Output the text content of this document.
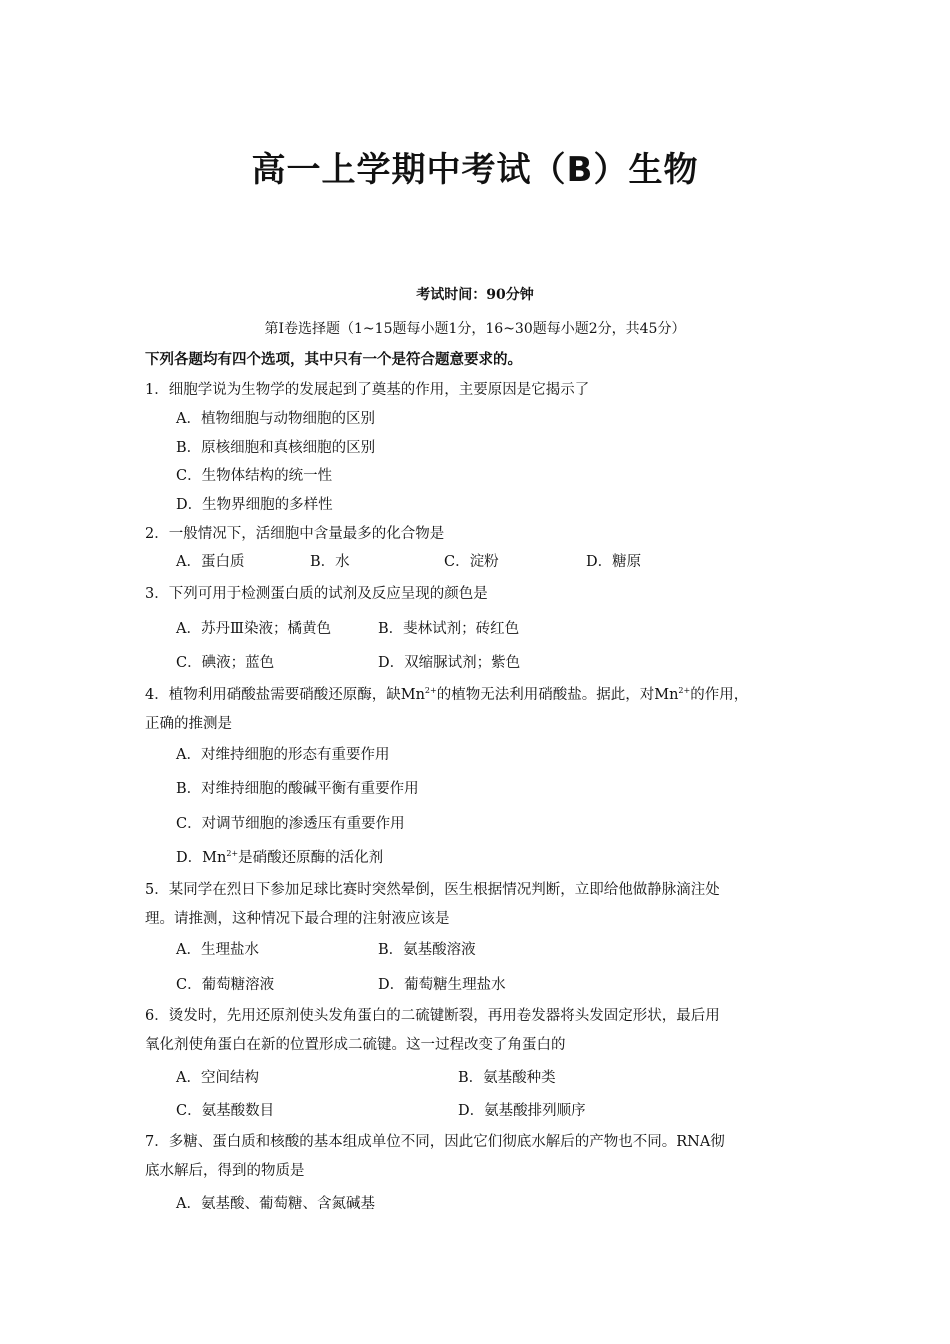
高一上学期中考试（B）生物
考试时间：90分钟
第Ⅰ卷选择题（1~15题每小题1分，16~30题每小题2分，共45分）
下列各题均有四个选项，其中只有一个是符合题意要求的。
1．细胞学说为生物学的发展起到了奠基的作用，主要原因是它揭示了
A．植物细胞与动物细胞的区别
B．原核细胞和真核细胞的区别
C．生物体结构的统一性
D．生物界细胞的多样性
2．一般情况下，活细胞中含量最多的化合物是
A．蛋白质	B．水	C．淀粉	D．糖原
3．下列可用于检测蛋白质的试剂及反应呈现的颜色是
A．苏丹Ⅲ染液；橘黄色	B．斐林试剂；砖红色
C．碘液；蓝色	D．双缩脲试剂；紫色
4．植物利用硝酸盐需要硝酸还原酶，缺$Mn^{2+}$的植物无法利用硝酸盐。据此，对$Mn^{2+}$的作用，
正确的推测是
A．对维持细胞的形态有重要作用
B．对维持细胞的酸碱平衡有重要作用
C．对调节细胞的渗透压有重要作用
D．$Mn^{2+}$是硝酸还原酶的活化剂
5．某同学在烈日下参加足球比赛时突然晕倒，医生根据情况判断，立即给他做静脉滴注处
理。请推测，这种情况下最合理的注射液应该是
A．生理盐水	B．氨基酸溶液
C．葡萄糖溶液	D．葡萄糖生理盐水
6．烫发时，先用还原剂使头发角蛋白的二硫键断裂，再用卷发器将头发固定形状，最后用
氧化剂使角蛋白在新的位置形成二硫键。这一过程改变了角蛋白的
A．空间结构	B．氨基酸种类
C．氨基酸数目	D．氨基酸排列顺序
7．多糖、蛋白质和核酸的基本组成单位不同，因此它们彻底水解后的产物也不同。RNA彻
底水解后，得到的物质是
A．氨基酸、葡萄糖、含氮碱基
